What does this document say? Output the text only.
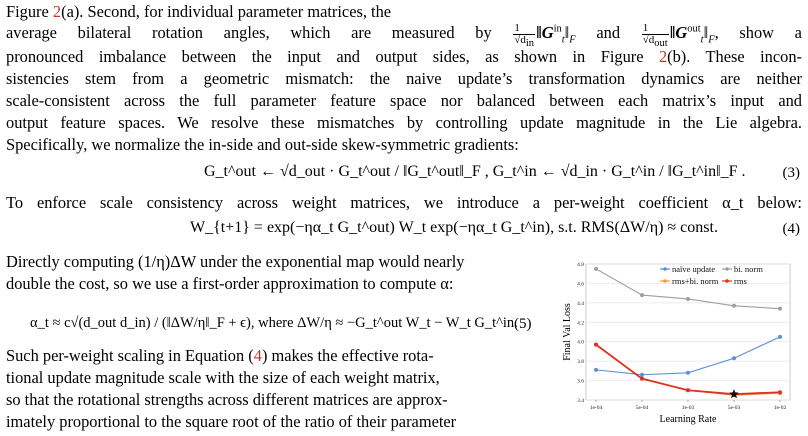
Figure 2(a). Second, for individual parameter matrices, the
average bilateral rotation angles, which are measured by $\frac{1}{√d_{in}}$ $‖G^{in}_t‖_F$ and $\frac{1}{√d_{out}}$ $‖G^{out}_t‖_F$, show a
pronounced imbalance between the input and output sides, as shown in Figure 2(b). These incon-
sistencies stem from a geometric mismatch: the naive update’s transformation dynamics are neither
scale-consistent across the full parameter feature space nor balanced between each matrix’s input and
output feature spaces. We resolve these mismatches by controlling update magnitude in the Lie algebra.
Specifically, we normalize the in-side and out-side skew-symmetric gradients:
G_t^out ← √d_out · G_t^out / ‖G_t^out‖_F , G_t^in ← √d_in · G_t^in / ‖G_t^in‖_F . (3)
To enforce scale consistency across weight matrices, we introduce a per-weight coefficient α_t below:
W_{t+1} = exp(−ηα_t G_t^out) W_t exp(−ηα_t G_t^in), s.t. RMS(ΔW/η) ≈ const.	(4)
Directly computing (1/η)ΔW under the exponential map would nearly
double the cost, so we use a first-order approximation to compute α:
α_t ≈ c√(d_out d_in) / (‖ΔW/η‖_F + ϵ), where ΔW/η ≈ −G_t^out W_t − W_t G_t^in.
(5)
Such per-weight scaling in Equation (4) makes the effective rota-
tional update magnitude scale with the size of each weight matrix,
so that the rotational strengths across different matrices are approx-
imately proportional to the square root of the ratio of their parameter
3.4
3.6
3.8
4.0
4.2
4.4
4.6
4.8
1e-04	5e-04	1e-03	5e-03	1e-02
Learning Rate
Final Val Loss
naïve update bi. norm
rms+bi. norm rms
